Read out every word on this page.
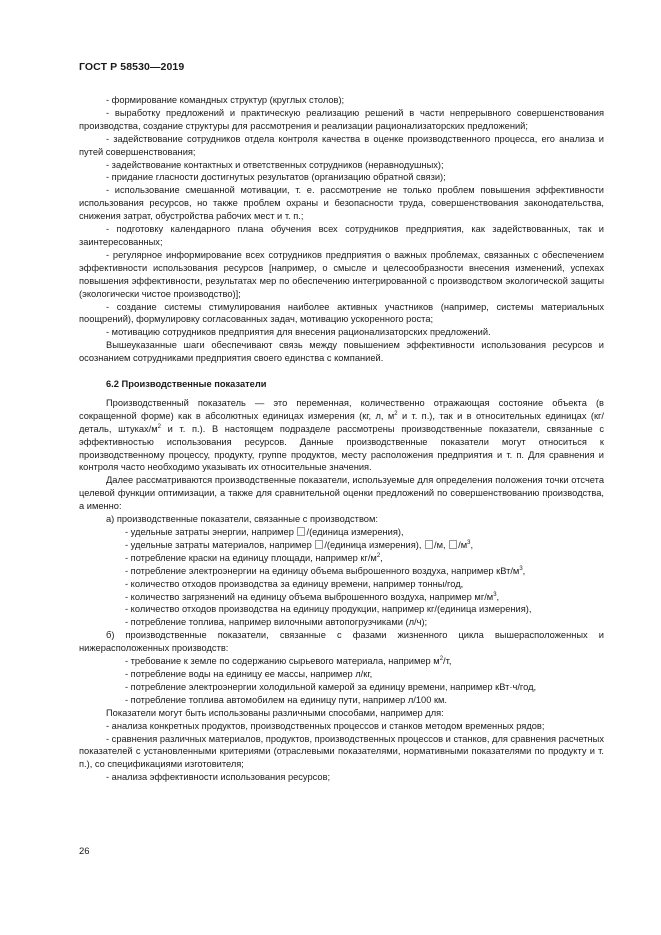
ГОСТ Р 58530—2019

- формирование командных структур (круглых столов);

- выработку предложений и практическую реализацию решений в части непрерывного совершенствования производства, создание структуры для рассмотрения и реализации рационализаторских предложений;

- задействование сотрудников отдела контроля качества в оценке производственного процесса, его анализа и путей совершенствования;

- задействование контактных и ответственных сотрудников (неравнодушных);

- придание гласности достигнутых результатов (организацию обратной связи);

- использование смешанной мотивации, т. е. рассмотрение не только проблем повышения эффективности использования ресурсов, но также проблем охраны и безопасности труда, совершенствования законодательства, снижения затрат, обустройства рабочих мест и т. п.;

- подготовку календарного плана обучения всех сотрудников предприятия, как задействованных, так и заинтересованных;

- регулярное информирование всех сотрудников предприятия о важных проблемах, связанных с обеспечением эффективности использования ресурсов [например, о смысле и целесообразности внесения изменений, успехах повышения эффективности, результатах мер по обеспечению интегрированной с производством экологической защиты (экологически чистое производство)];

- создание системы стимулирования наиболее активных участников (например, системы материальных поощрений), формулировку согласованных задач, мотивацию ускоренного роста;

- мотивацию сотрудников предприятия для внесения рационализаторских предложений.

Вышеуказанные шаги обеспечивают связь между повышением эффективности использования ресурсов и осознанием сотрудниками предприятия своего единства с компанией.

6.2 Производственные показатели

Производственный показатель — это переменная, количественно отражающая состояние объекта (в сокращенной форме) как в абсолютных единицах измерения (кг, л, $м^2$ и т. п.), так и в относительных единицах (кг/деталь, штуках/$м^2$ и т. п.). В настоящем подразделе рассмотрены производственные показатели, связанные с эффективностью использования ресурсов. Данные производственные показатели могут относиться к производственному процессу, продукту, группе продуктов, месту расположения предприятия и т. п. Для сравнения и контроля часто необходимо указывать их относительные значения.

Далее рассматриваются производственные показатели, используемые для определения положения точки отсчета целевой функции оптимизации, а также для сравнительной оценки предложений по совершенствованию производства, а именно:

а) производственные показатели, связанные с производством:

- удельные затраты энергии, например /(единица измерения),

- удельные затраты материалов, например /(единица измерения), /м, $/м^3$,

- потребление краски на единицу площади, например $кг/м^2$,

- потребление электроэнергии на единицу объема выброшенного воздуха, например кВт/$м^3$,

- количество отходов производства за единицу времени, например тонны/год,

- количество загрязнений на единицу объема выброшенного воздуха, например $мг/м^3$,

- количество отходов производства на единицу продукции, например кг/(единица измерения),

- потребление топлива, например вилочными автопогрузчиками (л/ч);

б) производственные показатели, связанные с фазами жизненного цикла вышерасположенных и нижерасположенных производств:

- требование к земле по содержанию сырьевого материала, например $м^2/т$,

- потребление воды на единицу ее массы, например л/кг,

- потребление электроэнергии холодильной камерой за единицу времени, например кВт·ч/год,

- потребление топлива автомобилем на единицу пути, например л/100 км.

Показатели могут быть использованы различными способами, например для:

- анализа конкретных продуктов, производственных процессов и станков методом временных рядов;

- сравнения различных материалов, продуктов, производственных процессов и станков, для сравнения расчетных показателей с установленными критериями (отраслевыми показателями, нормативными показателями по продукту и т. п.), со спецификациями изготовителя;

- анализа эффективности использования ресурсов;

26
